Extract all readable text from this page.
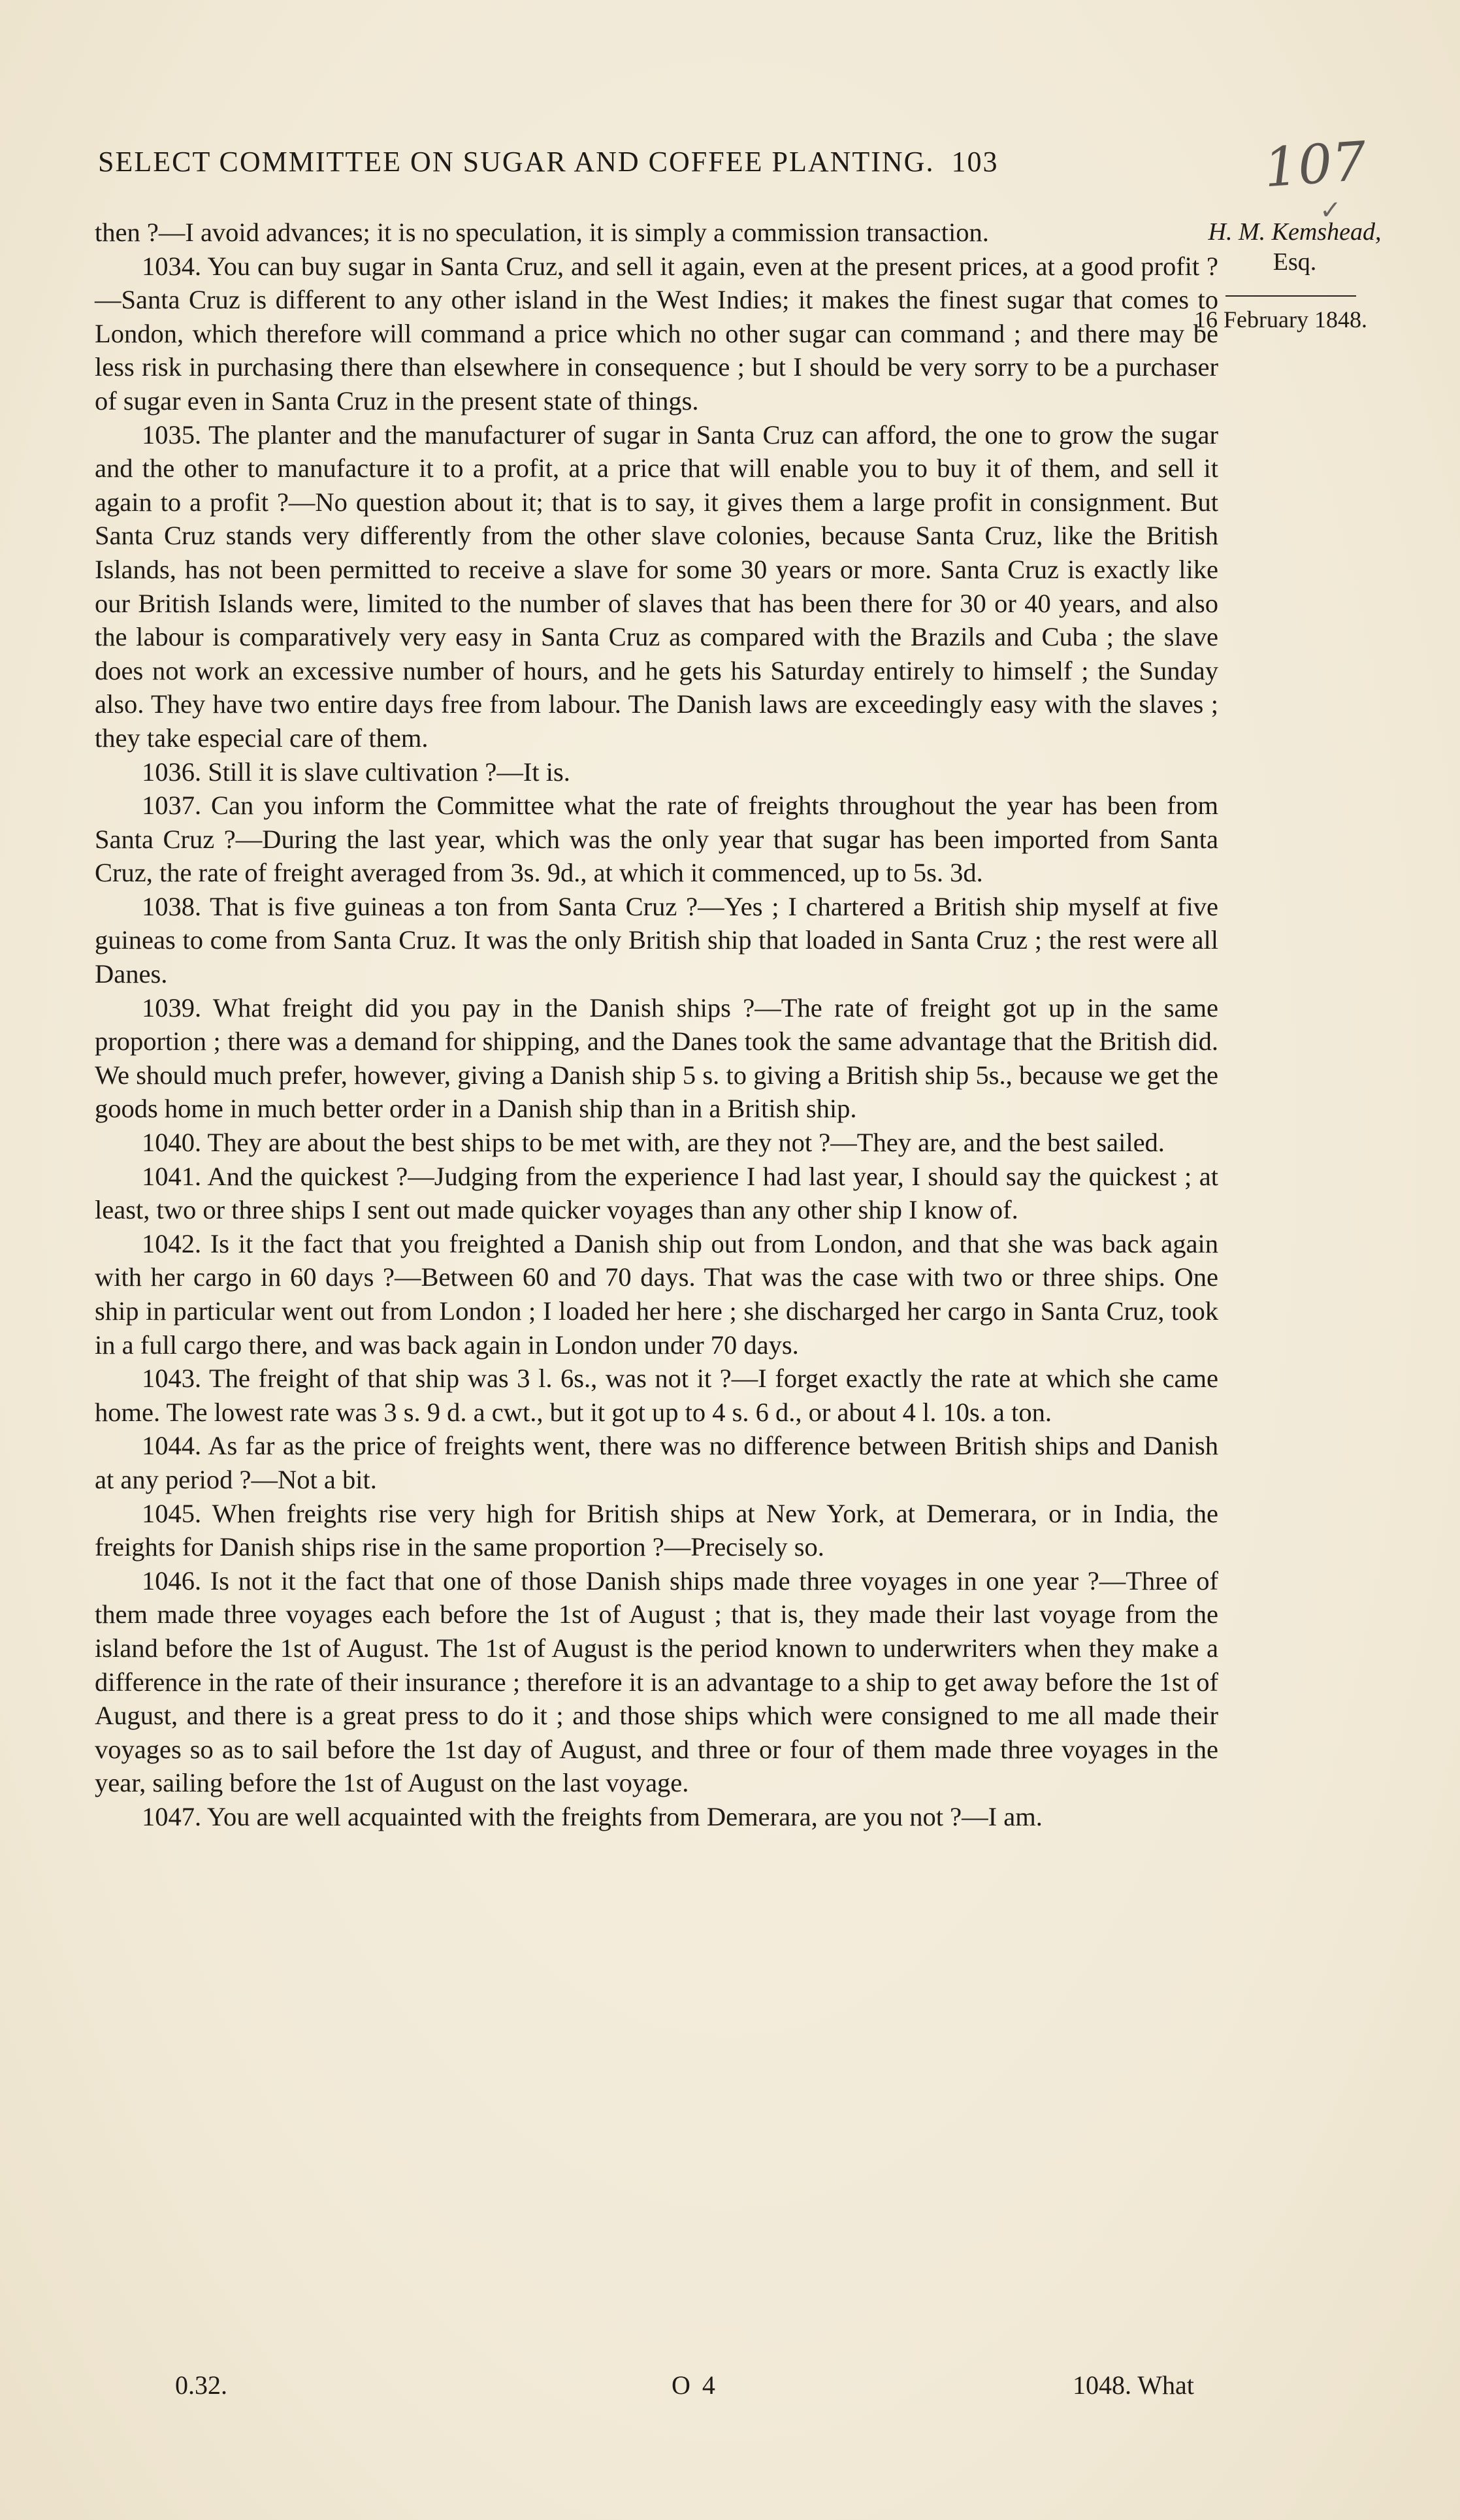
SELECT COMMITTEE ON SUGAR AND COFFEE PLANTING. 103	107
✓
H. M. Kemshead,
Esq.
16 February 1848.

then ?—I avoid advances; it is no speculation, it is simply a commission transaction.

1034. You can buy sugar in Santa Cruz, and sell it again, even at the present prices, at a good profit ?—Santa Cruz is different to any other island in the West Indies; it makes the finest sugar that comes to London, which therefore will command a price which no other sugar can command ; and there may be less risk in purchasing there than elsewhere in consequence ; but I should be very sorry to be a purchaser of sugar even in Santa Cruz in the present state of things.

1035. The planter and the manufacturer of sugar in Santa Cruz can afford, the one to grow the sugar and the other to manufacture it to a profit, at a price that will enable you to buy it of them, and sell it again to a profit ?—No question about it; that is to say, it gives them a large profit in consignment. But Santa Cruz stands very differently from the other slave colonies, because Santa Cruz, like the British Islands, has not been permitted to receive a slave for some 30 years or more. Santa Cruz is exactly like our British Islands were, limited to the number of slaves that has been there for 30 or 40 years, and also the labour is comparatively very easy in Santa Cruz as compared with the Brazils and Cuba ; the slave does not work an excessive number of hours, and he gets his Saturday entirely to himself ; the Sunday also. They have two entire days free from labour. The Danish laws are exceedingly easy with the slaves ; they take especial care of them.

1036. Still it is slave cultivation ?—It is.

1037. Can you inform the Committee what the rate of freights throughout the year has been from Santa Cruz ?—During the last year, which was the only year that sugar has been imported from Santa Cruz, the rate of freight averaged from 3s. 9d., at which it commenced, up to 5s. 3d.

1038. That is five guineas a ton from Santa Cruz ?—Yes ; I chartered a British ship myself at five guineas to come from Santa Cruz. It was the only British ship that loaded in Santa Cruz ; the rest were all Danes.

1039. What freight did you pay in the Danish ships ?—The rate of freight got up in the same proportion ; there was a demand for shipping, and the Danes took the same advantage that the British did. We should much prefer, however, giving a Danish ship 5 s. to giving a British ship 5s., because we get the goods home in much better order in a Danish ship than in a British ship.

1040. They are about the best ships to be met with, are they not ?—They are, and the best sailed.

1041. And the quickest ?—Judging from the experience I had last year, I should say the quickest ; at least, two or three ships I sent out made quicker voyages than any other ship I know of.

1042. Is it the fact that you freighted a Danish ship out from London, and that she was back again with her cargo in 60 days ?—Between 60 and 70 days. That was the case with two or three ships. One ship in particular went out from London ; I loaded her here ; she discharged her cargo in Santa Cruz, took in a full cargo there, and was back again in London under 70 days.

1043. The freight of that ship was 3 l. 6s., was not it ?—I forget exactly the rate at which she came home. The lowest rate was 3 s. 9 d. a cwt., but it got up to 4 s. 6 d., or about 4 l. 10s. a ton.

1044. As far as the price of freights went, there was no difference between British ships and Danish at any period ?—Not a bit.

1045. When freights rise very high for British ships at New York, at Demerara, or in India, the freights for Danish ships rise in the same proportion ?—Precisely so.

1046. Is not it the fact that one of those Danish ships made three voyages in one year ?—Three of them made three voyages each before the 1st of August ; that is, they made their last voyage from the island before the 1st of August. The 1st of August is the period known to underwriters when they make a difference in the rate of their insurance ; therefore it is an advantage to a ship to get away before the 1st of August, and there is a great press to do it ; and those ships which were consigned to me all made their voyages so as to sail before the 1st day of August, and three or four of them made three voyages in the year, sailing before the 1st of August on the last voyage.

1047. You are well acquainted with the freights from Demerara, are you not ?—I am.

0.32.	O 4	1048. What
